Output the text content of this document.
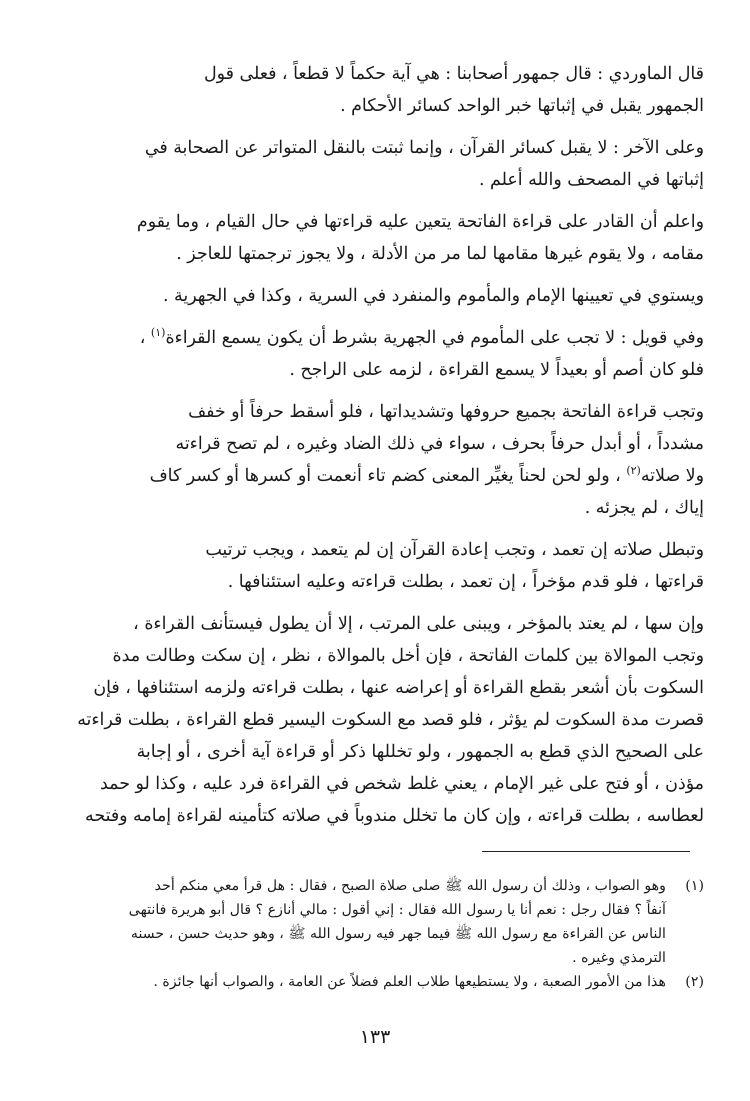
قال الماوردي : قال جمهور أصحابنا : هي آية حكماً لا قطعاً ، فعلى قول
الجمهور يقبل في إثباتها خبر الواحد كسائر الأحكام .

وعلى الآخر : لا يقبل كسائر القرآن ، وإنما ثبتت بالنقل المتواتر عن الصحابة في
إثباتها في المصحف والله أعلم .

واعلم أن القادر على قراءة الفاتحة يتعين عليه قراءتها في حال القيام ، وما يقوم
مقامه ، ولا يقوم غيرها مقامها لما مر من الأدلة ، ولا يجوز ترجمتها للعاجز .

ويستوي في تعيينها الإمام والمأموم والمنفرد في السرية ، وكذا في الجهرية .

وفي قويل : لا تجب على المأموم في الجهرية بشرط أن يكون يسمع القراءة$^{(١)}$ ،
فلو كان أصم أو بعيداً لا يسمع القراءة ، لزمه على الراجح .

وتجب قراءة الفاتحة بجميع حروفها وتشديداتها ، فلو أسقط حرفاً أو خفف
مشدداً ، أو أبدل حرفاً بحرف ، سواء في ذلك الضاد وغيره ، لم تصح قراءته
ولا صلاته$^{(٢)}$ ، ولو لحن لحناً يغيِّر المعنى كضم تاء أنعمت أو كسرها أو كسر كاف
إياك ، لم يجزئه .

وتبطل صلاته إن تعمد ، وتجب إعادة القرآن إن لم يتعمد ، ويجب ترتيب
قراءتها ، فلو قدم مؤخراً ، إن تعمد ، بطلت قراءته وعليه استئنافها .

وإن سها ، لم يعتد بالمؤخر ، ويبنى على المرتب ، إلا أن يطول فيستأنف القراءة ،
وتجب الموالاة بين كلمات الفاتحة ، فإن أخل بالموالاة ، نظر ، إن سكت وطالت مدة
السكوت بأن أشعر بقطع القراءة أو إعراضه عنها ، بطلت قراءته ولزمه استئنافها ، فإن
قصرت مدة السكوت لم يؤثر ، فلو قصد مع السكوت اليسير قطع القراءة ، بطلت قراءته
على الصحيح الذي قطع به الجمهور ، ولو تخللها ذكر أو قراءة آية أخرى ، أو إجابة
مؤذن ، أو فتح على غير الإمام ، يعني غلط شخص في القراءة فرد عليه ، وكذا لو حمد
لعطاسه ، بطلت قراءته ، وإن كان ما تخلل مندوباً في صلاته كتأمينه لقراءة إمامه وفتحه

(١)
وهو الصواب ، وذلك أن رسول الله ﷺ صلى صلاة الصبح ، فقال : هل قرأ معي منكم أحد
آنفاً ؟ فقال رجل : نعم أنا يا رسول الله فقال : إني أقول : مالي أنازع ؟ قال أبو هريرة فانتهى
الناس عن القراءة مع رسول الله ﷺ فيما جهر فيه رسول الله ﷺ ، وهو حديث حسن ، حسنه
الترمذي وغيره .
(٢)
هذا من الأمور الصعبة ، ولا يستطيعها طلاب العلم فضلاً عن العامة ، والصواب أنها جائزة .
١٣٣
